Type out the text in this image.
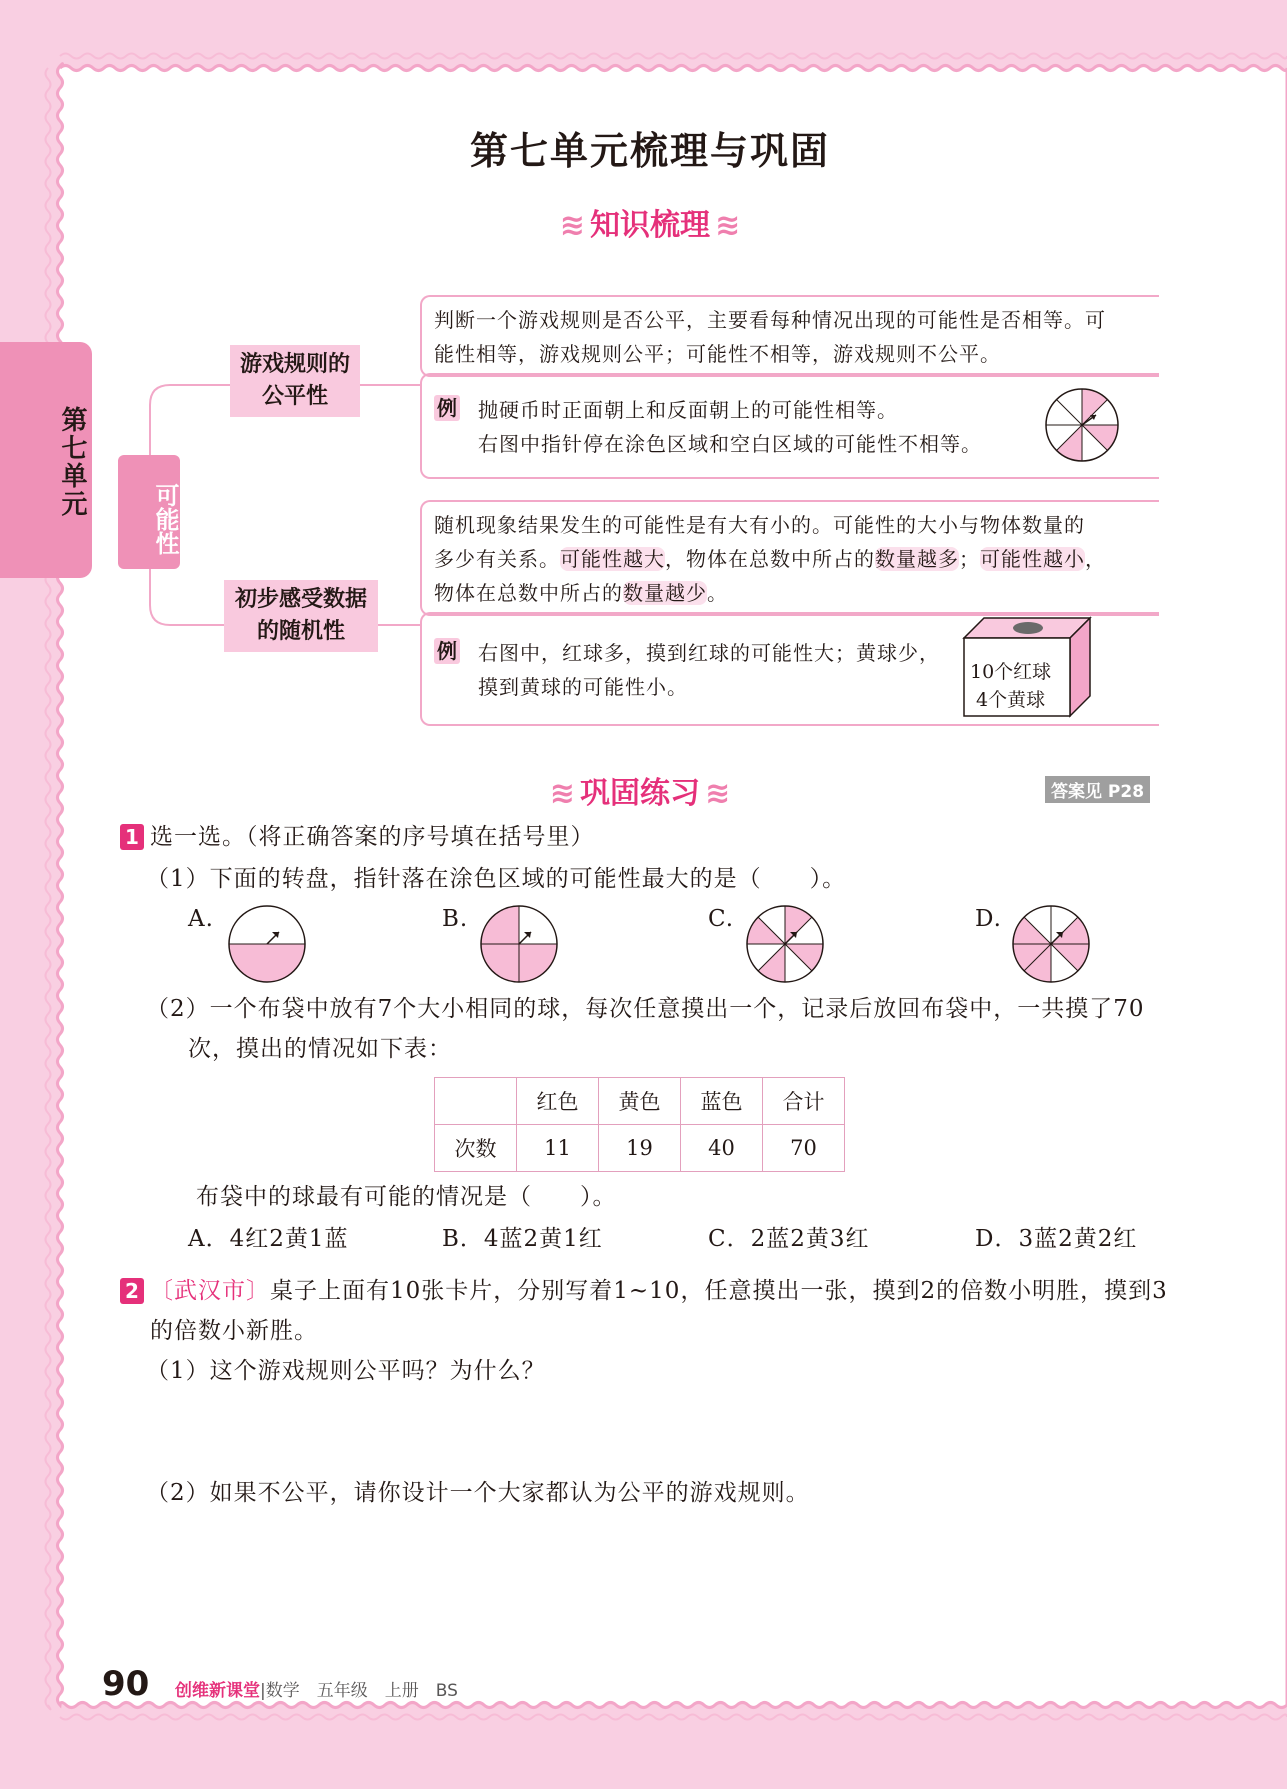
第七单元
第七单元梳理与巩固
≋ 知识梳理 ≋
可能性
游戏规则的
公平性
初步感受数据
的随机性
判断一个游戏规则是否公平，主要看每种情况出现的可能性是否相等。可
能性相等，游戏规则公平；可能性不相等，游戏规则不公平。
例 抛硬币时正面朝上和反面朝上的可能性相等。
右图中指针停在涂色区域和空白区域的可能性不相等。
随机现象结果发生的可能性是有大有小的。可能性的大小与物体数量的
多少有关系。可能性越大，物体在总数中所占的数量越多；可能性越小，
物体在总数中所占的数量越少。
例 右图中，红球多，摸到红球的可能性大；黄球少，
摸到黄球的可能性小。
10个红球
4个黄球
≋ 巩固练习 ≋	答案见 P28
1 选一选。（将正确答案的序号填在括号里）
（1）下面的转盘，指针落在涂色区域的可能性最大的是（　　）。
A.	B.	C.	D.
（2）一个布袋中放有7个大小相同的球，每次任意摸出一个，记录后放回布袋中，一共摸了70
次，摸出的情况如下表：
	红色	黄色	蓝色	合计
次数	11	19	40	70
布袋中的球最有可能的情况是（　　）。
A．4红2黄1蓝	B．4蓝2黄1红	C．2蓝2黄3红	D．3蓝2黄2红
2 〔武汉市〕桌子上面有10张卡片，分别写着1~10，任意摸出一张，摸到2的倍数小明胜，摸到3
的倍数小新胜。
（1）这个游戏规则公平吗？为什么？
（2）如果不公平，请你设计一个大家都认为公平的游戏规则。
90 创维新课堂|数学　五年级　上册　BS
